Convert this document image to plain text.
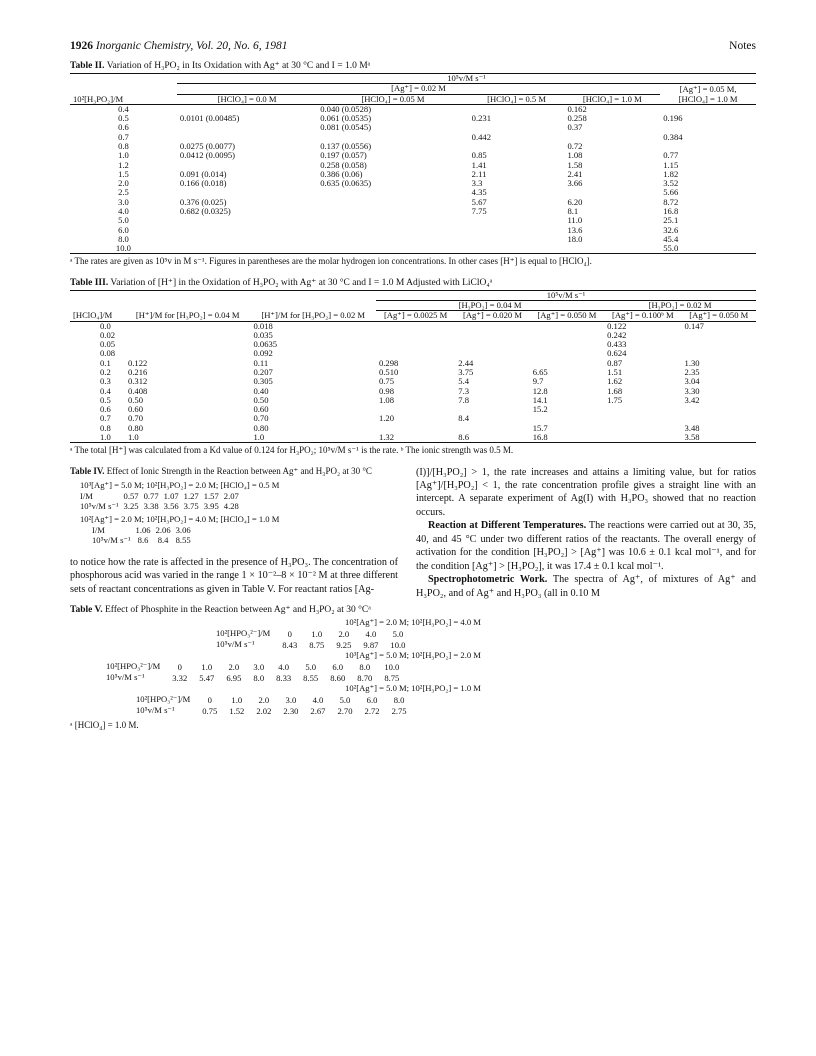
1926 Inorganic Chemistry, Vol. 20, No. 6, 1981	Notes
Table II. Variation of H₃PO₂ in Its Oxidation with Ag⁺ at 30 °C and I = 1.0 Mᵃ
	10⁵v/M s⁻¹				
	[Ag⁺] = 0.02 M				[Ag⁺] = 0.05 M,
10²[H₃PO₂]/M	[HClO₄] = 0.0 M	[HClO₄] = 0.05 M	[HClO₄] = 0.5 M	[HClO₄] = 1.0 M	[HClO₄] = 1.0 M
0.4		0.040 (0.0528)		0.162	
0.5	0.0101 (0.00485)	0.061 (0.0535)	0.231	0.258	0.196
0.6		0.081 (0.0545)		0.37	
0.7			0.442		0.384
0.8	0.0275 (0.0077)	0.137 (0.0556)		0.72	
1.0	0.0412 (0.0095)	0.197 (0.057)	0.85	1.08	0.77
1.2		0.258 (0.058)	1.41	1.58	1.15
1.5	0.091 (0.014)	0.386 (0.06)	2.11	2.41	1.82
2.0	0.166 (0.018)	0.635 (0.0635)	3.3	3.66	3.52
2.5			4.35		5.66
3.0	0.376 (0.025)		5.67	6.20	8.72
4.0	0.682 (0.0325)		7.75	8.1	16.8
5.0				11.0	25.1
6.0				13.6	32.6
8.0				18.0	45.4
10.0					55.0
ᵃ The rates are given as 10⁵v in M s⁻¹. Figures in parentheses are the molar hydrogen ion concentrations. In other cases [H⁺] is equal to [HClO₄].
Table III. Variation of [H⁺] in the Oxidation of H₃PO₂ with Ag⁺ at 30 °C and I = 1.0 M Adjusted with LiClO₄ᵃ
			10⁵v/M s⁻¹				
			[H₃PO₂] = 0.04 M			[H₃PO₂] = 0.02 M	
[HClO₄]/M	[H⁺]/M for [H₃PO₂] = 0.04 M	[H⁺]/M for [H₃PO₂] = 0.02 M	[Ag⁺] = 0.0025 M	[Ag⁺] = 0.020 M	[Ag⁺] = 0.050 M	[Ag⁺] = 0.100ᵇ M	[Ag⁺] = 0.050 M
0.0		0.018				0.122	0.147
0.02		0.035				0.242	
0.05		0.0635				0.433	
0.08		0.092				0.624	
0.1	0.122	0.11	0.298	2.44		0.87	1.30
0.2	0.216	0.207	0.510	3.75	6.65	1.51	2.35
0.3	0.312	0.305	0.75	5.4	9.7	1.62	3.04
0.4	0.408	0.40	0.98	7.3	12.8	1.68	3.30
0.5	0.50	0.50	1.08	7.8	14.1	1.75	3.42
0.6	0.60	0.60			15.2		
0.7	0.70	0.70	1.20	8.4			
0.8	0.80	0.80			15.7		3.48
1.0	1.0	1.0	1.32	8.6	16.8		3.58
ᵃ The total [H⁺] was calculated from a Kd value of 0.124 for H₃PO₂; 10⁵v/M s⁻¹ is the rate. ᵇ The ionic strength was 0.5 M.
Table IV. Effect of Ionic Strength in the Reaction between Ag⁺ and H₃PO₂ at 30 °C
10³[Ag⁺] = 5.0 M; 10²[H₃PO₂] = 2.0 M; [HClO₄] = 0.5 M
I/M	0.57	0.77	1.07	1.27	1.57	2.07
10⁵v/M s⁻¹	3.25	3.38	3.56	3.75	3.95	4.28
10²[Ag⁺] = 2.0 M; 10²[H₃PO₂] = 4.0 M; [HClO₄] = 1.0 M
I/M	1.06	2.06	3.06
10⁵v/M s⁻¹	8.6	8.4	8.55

to notice how the rate is affected in the presence of H₃PO₃. The concentration of phosphorous acid was varied in the range 1 × 10⁻²–8 × 10⁻² M at three different sets of reactant concentrations as given in Table V. For reactant ratios [Ag-

(I)]/[H₃PO₂] > 1, the rate increases and attains a limiting value, but for ratios [Ag⁺]/[H₃PO₂] < 1, the rate concentration profile gives a straight line with an intercept. A separate experiment of Ag(I) with H₃PO₃ showed that no reaction occurs.

Reaction at Different Temperatures. The reactions were carried out at 30, 35, 40, and 45 °C under two different ratios of the reactants. The overall energy of activation for the condition [H₃PO₂] > [Ag⁺] was 10.6 ± 0.1 kcal mol⁻¹, and for the condition [Ag⁺] > [H₃PO₂], it was 17.4 ± 0.1 kcal mol⁻¹.

Spectrophotometric Work. The spectra of Ag⁺, of mixtures of Ag⁺ and H₃PO₂, and of Ag⁺ and H₃PO₃ (all in 0.10 M

Table V. Effect of Phosphite in the Reaction between Ag⁺ and H₃PO₂ at 30 °Cᵃ
10²[Ag⁺] = 2.0 M; 10²[H₃PO₂] = 4.0 M
10²[HPO₃²⁻]/M	0	1.0	2.0	4.0	5.0
10⁵v/M s⁻¹	8.43	8.75	9.25	9.87	10.0
10³[Ag⁺] = 5.0 M; 10²[H₃PO₂] = 2.0 M
10²[HPO₃²⁻]/M	0	1.0	2.0	3.0	4.0	5.0	6.0	8.0	10.0
10⁵v/M s⁻¹	3.32	5.47	6.95	8.0	8.33	8.55	8.60	8.70	8.75
10²[Ag⁺] = 5.0 M; 10²[H₃PO₂] = 1.0 M
10²[HPO₃²⁻]/M	0	1.0	2.0	3.0	4.0	5.0	6.0	8.0
10⁵v/M s⁻¹	0.75	1.52	2.02	2.30	2.67	2.70	2.72	2.75
ᵃ [HClO₄] = 1.0 M.
